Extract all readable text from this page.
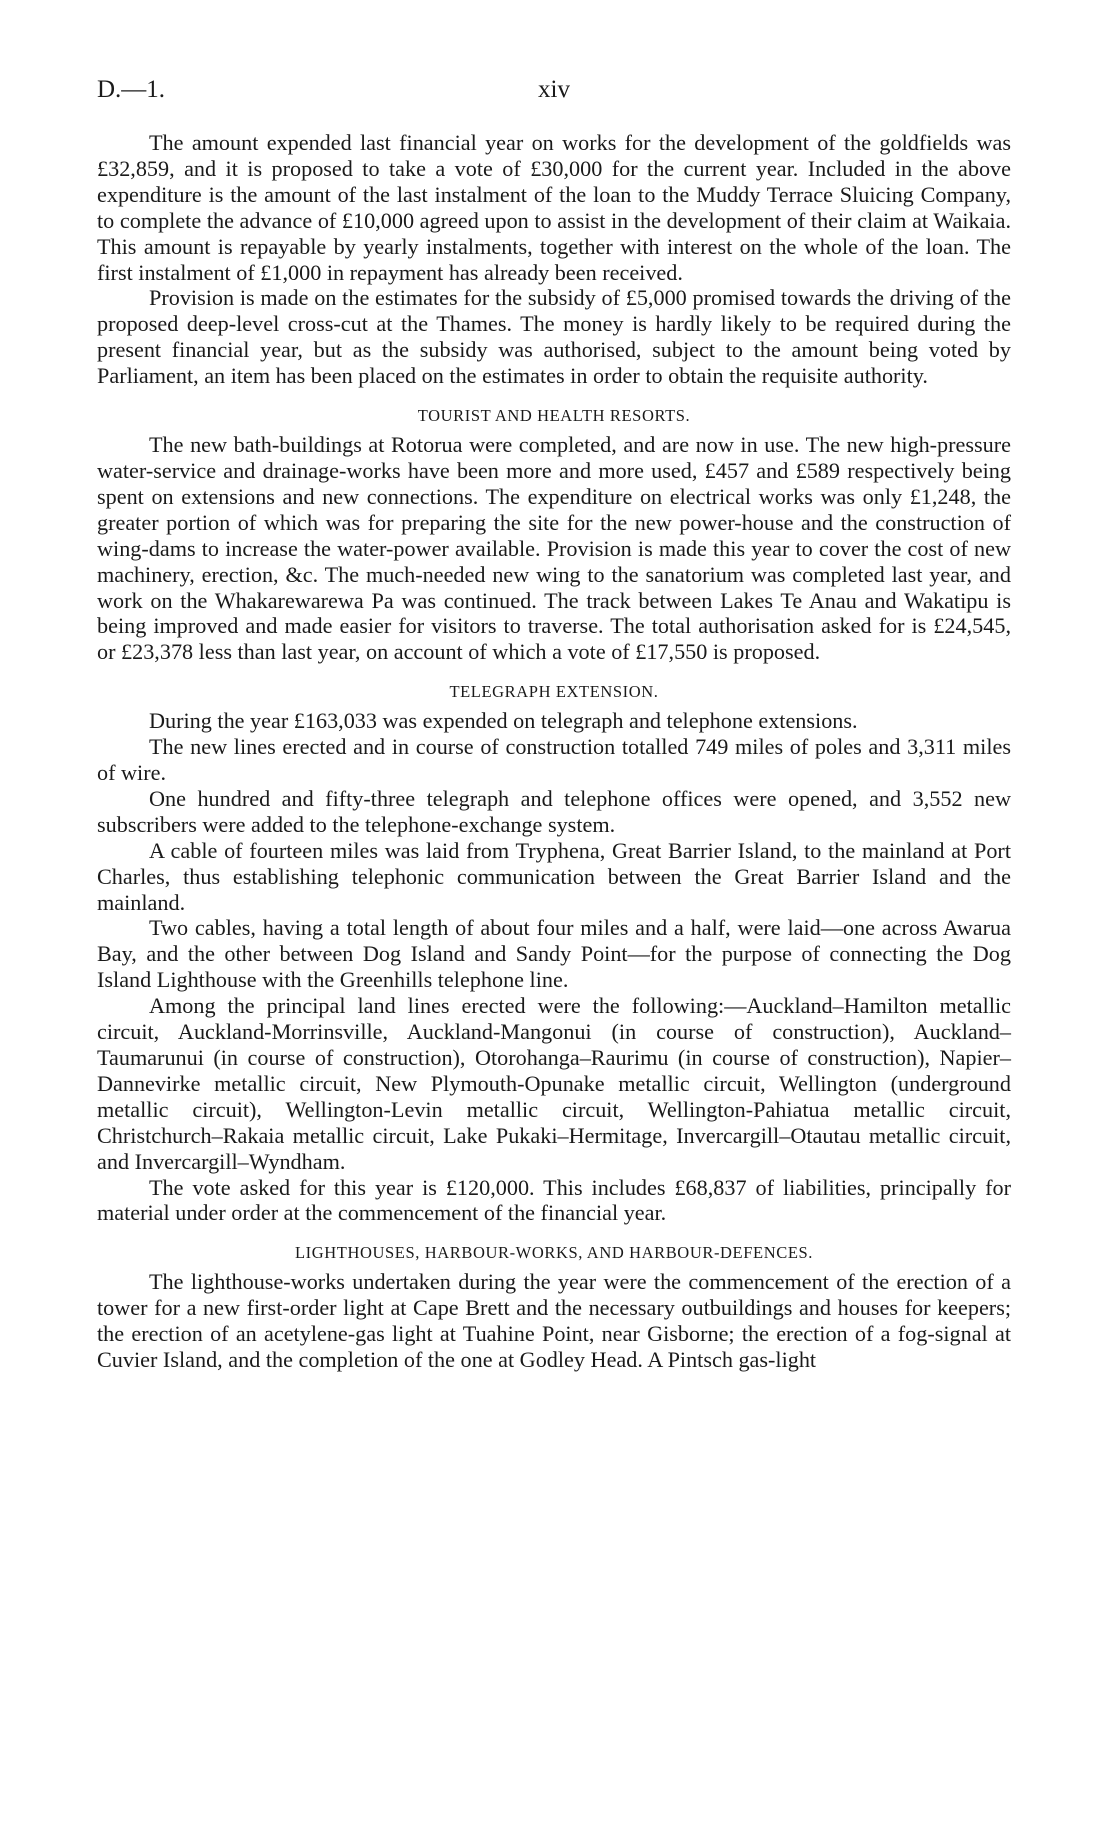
D.—1.	xiv

The amount expended last financial year on works for the development of the goldfields was £32,859, and it is proposed to take a vote of £30,000 for the current year. Included in the above expenditure is the amount of the last instalment of the loan to the Muddy Terrace Sluicing Company, to complete the advance of £10,000 agreed upon to assist in the development of their claim at Waikaia. This amount is repayable by yearly instalments, together with interest on the whole of the loan. The first instalment of £1,000 in repayment has already been received.

Provision is made on the estimates for the subsidy of £5,000 promised towards the driving of the proposed deep-level cross-cut at the Thames. The money is hardly likely to be required during the present financial year, but as the subsidy was authorised, subject to the amount being voted by Parliament, an item has been placed on the estimates in order to obtain the requisite authority.

TOURIST AND HEALTH RESORTS.

The new bath-buildings at Rotorua were completed, and are now in use. The new high-pressure water-service and drainage-works have been more and more used, £457 and £589 respectively being spent on extensions and new connections. The expenditure on electrical works was only £1,248, the greater portion of which was for preparing the site for the new power-house and the construction of wing-dams to increase the water-power available. Provision is made this year to cover the cost of new machinery, erection, &c. The much-needed new wing to the sanatorium was completed last year, and work on the Whakarewarewa Pa was continued. The track between Lakes Te Anau and Wakatipu is being improved and made easier for visitors to traverse. The total authorisation asked for is £24,545, or £23,378 less than last year, on account of which a vote of £17,550 is proposed.

TELEGRAPH EXTENSION.

During the year £163,033 was expended on telegraph and telephone extensions.

The new lines erected and in course of construction totalled 749 miles of poles and 3,311 miles of wire.

One hundred and fifty-three telegraph and telephone offices were opened, and 3,552 new subscribers were added to the telephone-exchange system.

A cable of fourteen miles was laid from Tryphena, Great Barrier Island, to the mainland at Port Charles, thus establishing telephonic communication between the Great Barrier Island and the mainland.

Two cables, having a total length of about four miles and a half, were laid—one across Awarua Bay, and the other between Dog Island and Sandy Point—for the purpose of connecting the Dog Island Lighthouse with the Greenhills telephone line.

Among the principal land lines erected were the following:—Auckland–Hamilton metallic circuit, Auckland-Morrinsville, Auckland-Mangonui (in course of construction), Auckland–Taumarunui (in course of construction), Otorohanga–Raurimu (in course of construction), Napier–Dannevirke metallic circuit, New Plymouth-Opunake metallic circuit, Wellington (underground metallic circuit), Wellington-Levin metallic circuit, Wellington-Pahiatua metallic circuit, Christchurch–Rakaia metallic circuit, Lake Pukaki–Hermitage, Invercargill–Otautau metallic circuit, and Invercargill–Wyndham.

The vote asked for this year is £120,000. This includes £68,837 of liabilities, principally for material under order at the commencement of the financial year.

LIGHTHOUSES, HARBOUR-WORKS, AND HARBOUR-DEFENCES.

The lighthouse-works undertaken during the year were the commencement of the erection of a tower for a new first-order light at Cape Brett and the necessary outbuildings and houses for keepers; the erection of an acetylene-gas light at Tuahine Point, near Gisborne; the erection of a fog-signal at Cuvier Island, and the completion of the one at Godley Head. A Pintsch gas-light
